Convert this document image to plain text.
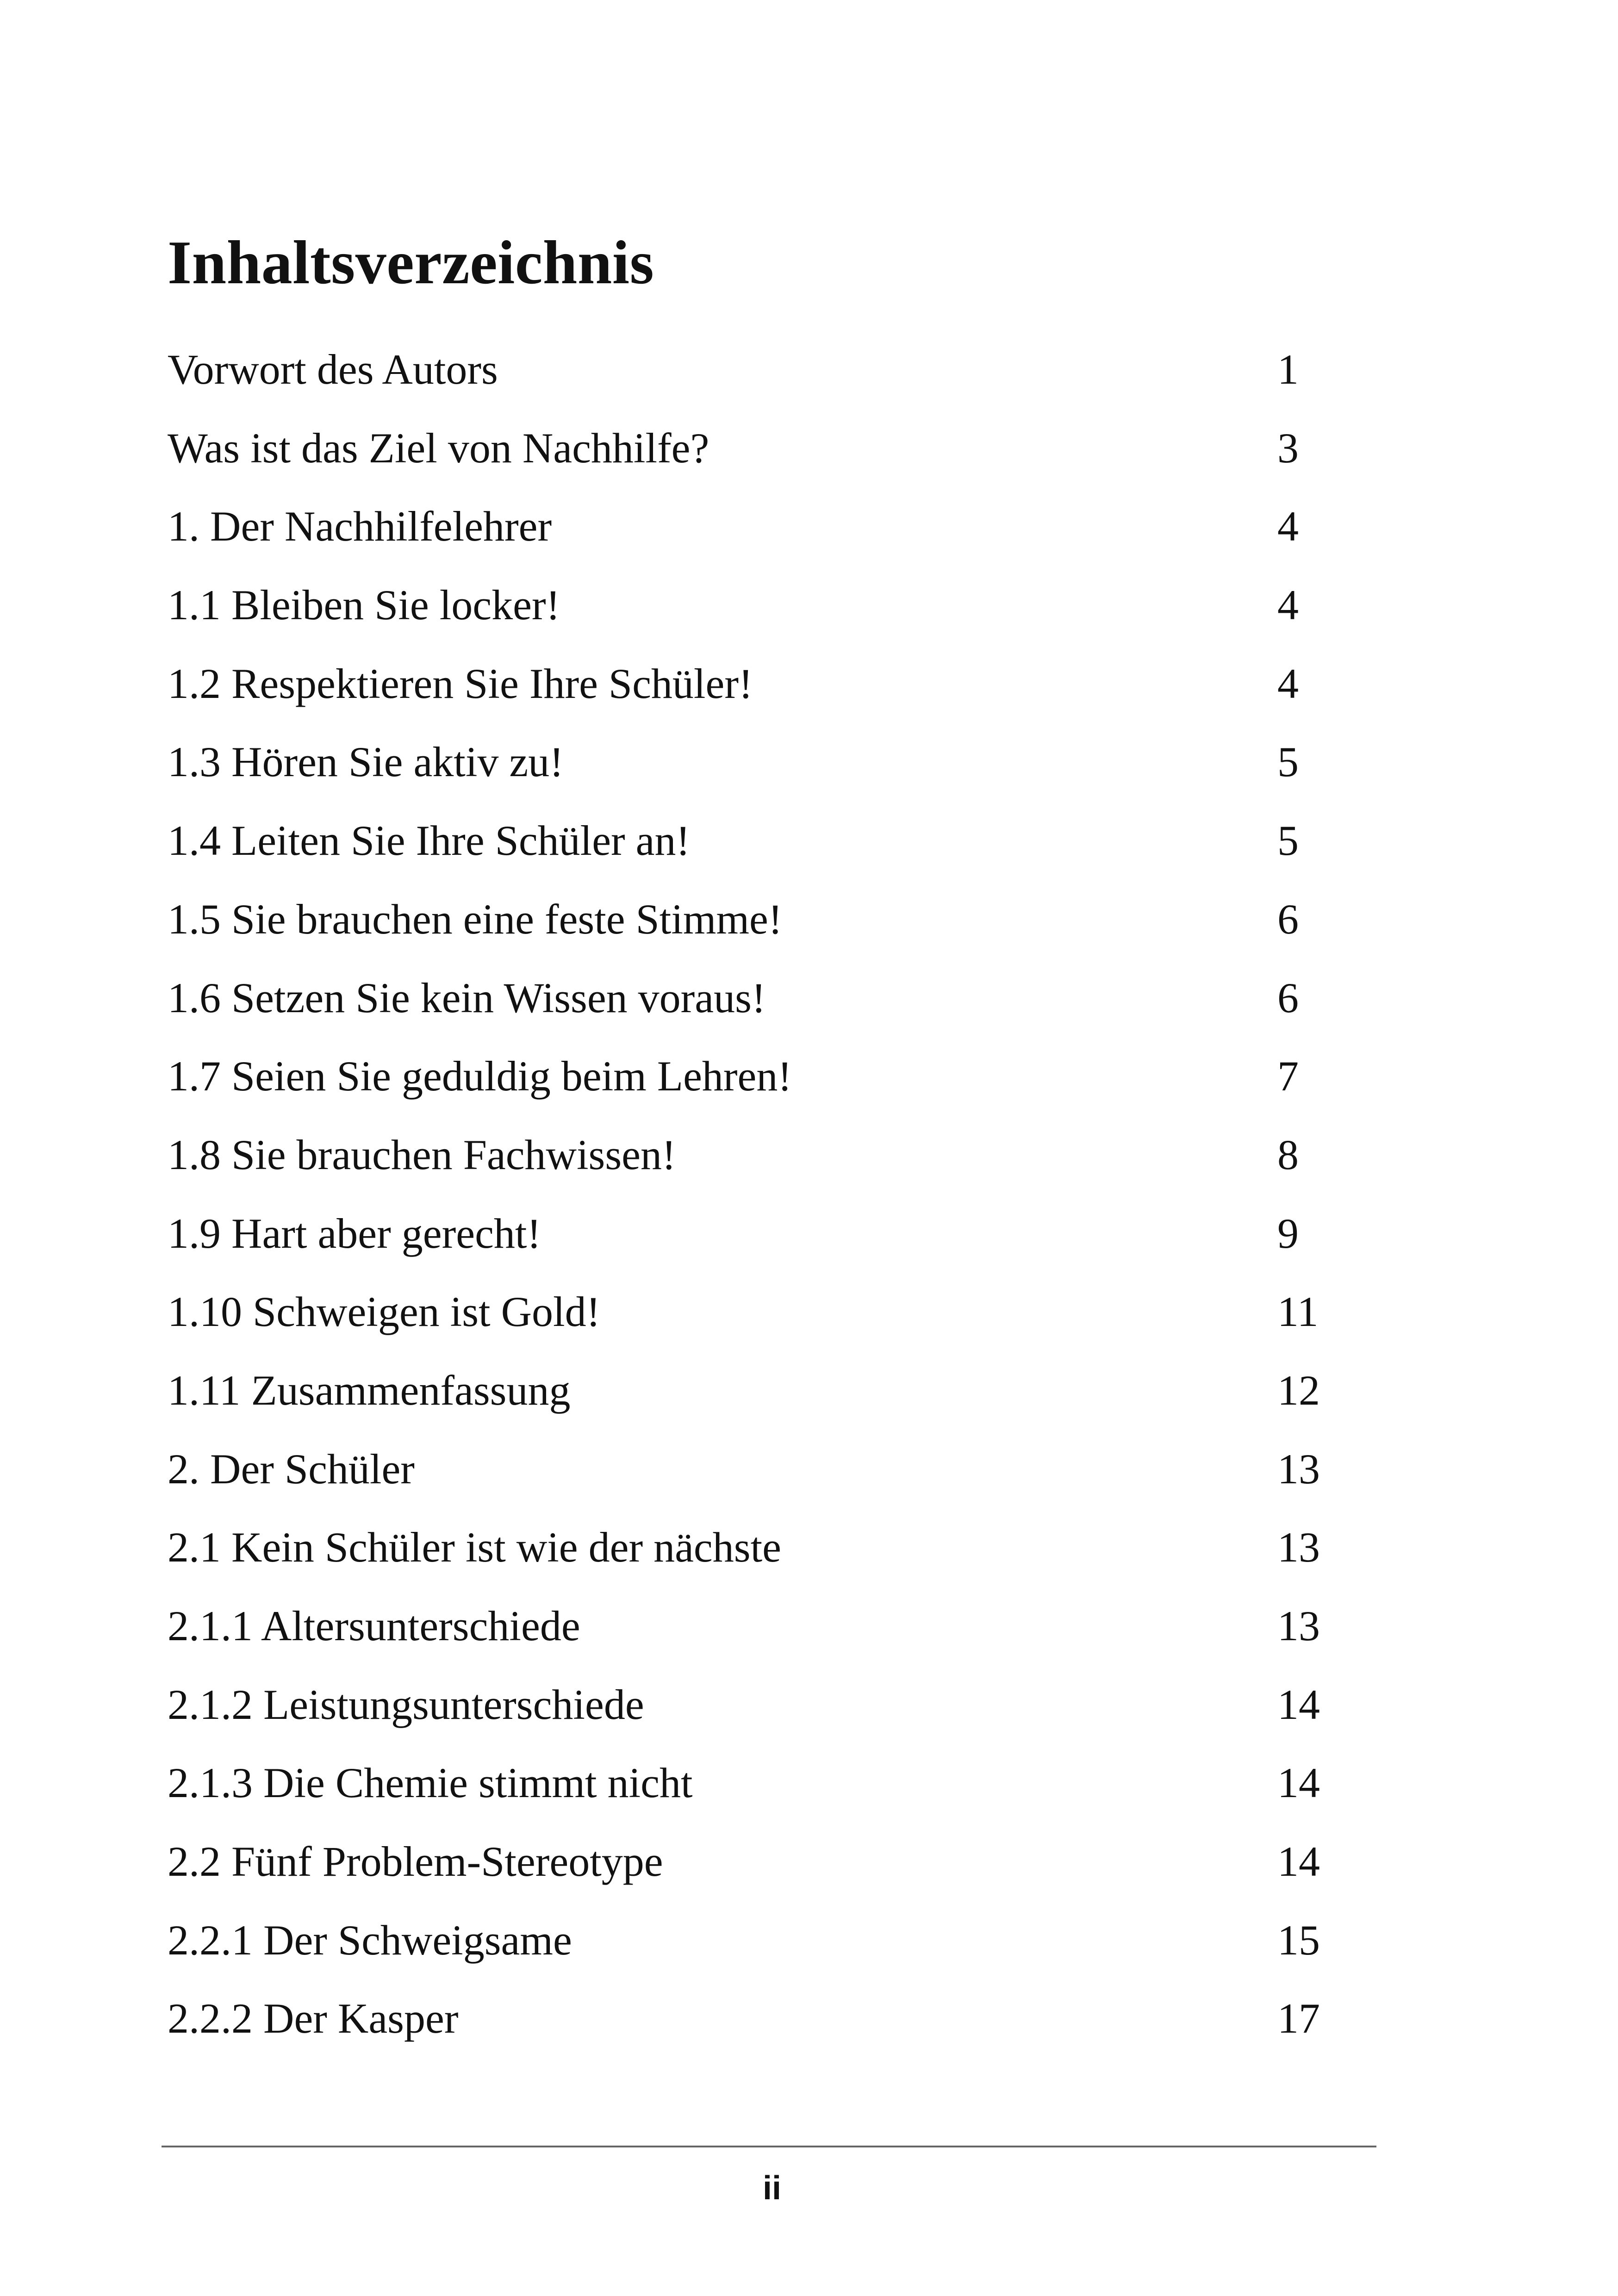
Inhaltsverzeichnis
Vorwort des Autors	1
Was ist das Ziel von Nachhilfe?	3
1. Der Nachhilfelehrer	4
1.1 Bleiben Sie locker!	4
1.2 Respektieren Sie Ihre Schüler!	4
1.3 Hören Sie aktiv zu!	5
1.4 Leiten Sie Ihre Schüler an!	5
1.5 Sie brauchen eine feste Stimme!	6
1.6 Setzen Sie kein Wissen voraus!	6
1.7 Seien Sie geduldig beim Lehren!	7
1.8 Sie brauchen Fachwissen!	8
1.9 Hart aber gerecht!	9
1.10 Schweigen ist Gold!	11
1.11 Zusammenfassung	12
2. Der Schüler	13
2.1 Kein Schüler ist wie der nächste	13
2.1.1 Altersunterschiede	13
2.1.2 Leistungsunterschiede	14
2.1.3 Die Chemie stimmt nicht	14
2.2 Fünf Problem-Stereotype	14
2.2.1 Der Schweigsame	15
2.2.2 Der Kasper	17
ii
